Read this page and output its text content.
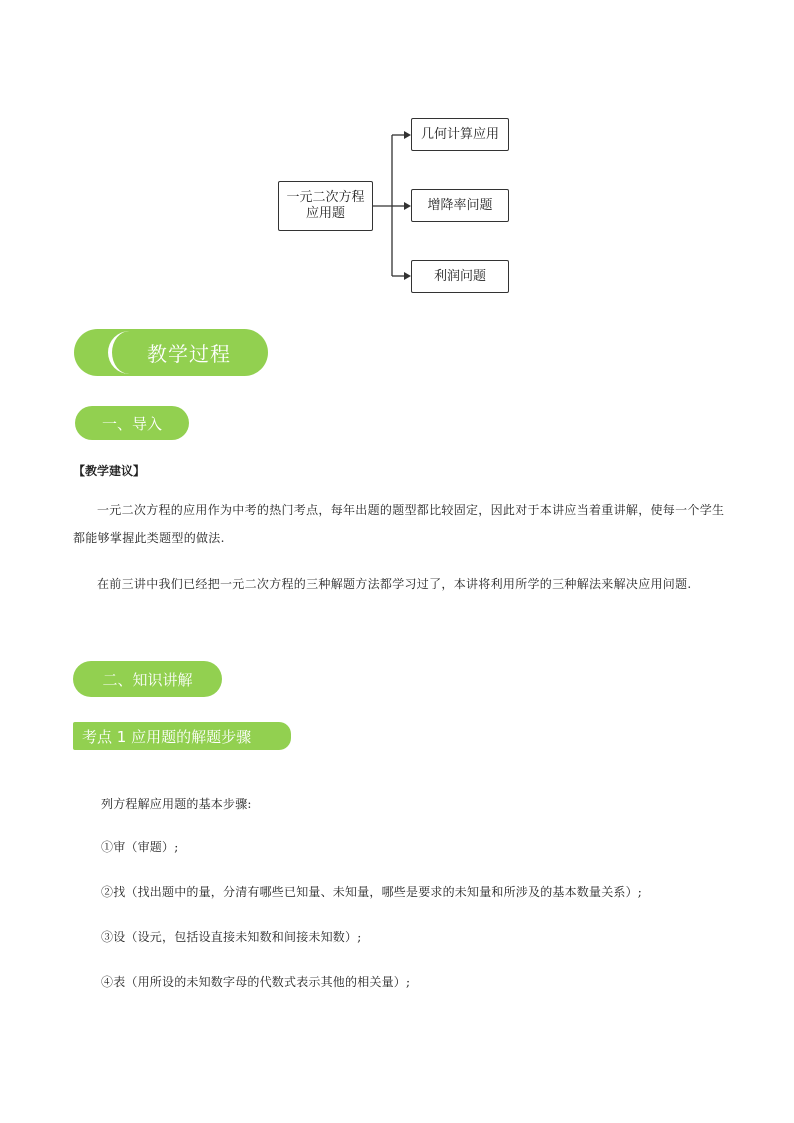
一元二次方程
应用题
几何计算应用
增降率问题
利润问题
教学过程
一、导入
【教学建议】
一元二次方程的应用作为中考的热门考点，每年出题的题型都比较固定，因此对于本讲应当着重讲解，使每一个学生都能够掌握此类题型的做法.
在前三讲中我们已经把一元二次方程的三种解题方法都学习过了，本讲将利用所学的三种解法来解决应用问题.
二、知识讲解
考点 1 应用题的解题步骤
列方程解应用题的基本步骤:
①审（审题）;
②找（找出题中的量，分清有哪些已知量、未知量，哪些是要求的未知量和所涉及的基本数量关系）;
③设（设元，包括设直接未知数和间接未知数）;
④表（用所设的未知数字母的代数式表示其他的相关量）;
